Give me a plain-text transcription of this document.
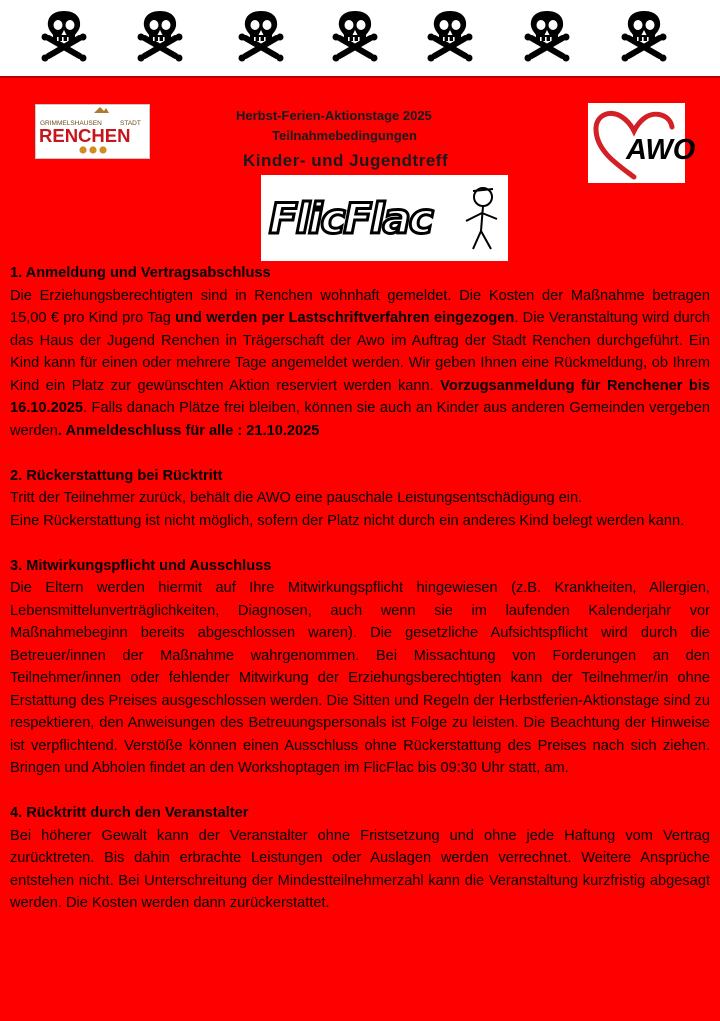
GRIMMELSHAUSEN	STADT
RENCHEN
Herbst-Ferien-Aktionstage 2025
Teilnahmebedingungen
Kinder- und Jugendtreff	AWO
FlicFlac
1. Anmeldung und Vertragsabschluss

Die Erziehungsberechtigten sind in Renchen wohnhaft gemeldet. Die Kosten der Maßnahme betragen 15,00 € pro Kind pro Tag und werden per Lastschriftverfahren eingezogen. Die Veranstaltung wird durch das Haus der Jugend Renchen in Trägerschaft der Awo im Auftrag der Stadt Renchen durchgeführt. Ein Kind kann für einen oder mehrere Tage angemeldet werden. Wir geben Ihnen eine Rückmeldung, ob Ihrem Kind ein Platz zur gewünschten Aktion reserviert werden kann. Vorzugsanmeldung für Renchener bis 16.10.2025. Falls danach Plätze frei bleiben, können sie auch an Kinder aus anderen Gemeinden vergeben werden. Anmeldeschluss für alle : 21.10.2025

2. Rückerstattung bei Rücktritt

Tritt der Teilnehmer zurück, behält die AWO eine pauschale Leistungsentschädigung ein.

Eine Rückerstattung ist nicht möglich, sofern der Platz nicht durch ein anderes Kind belegt werden kann.

3. Mitwirkungspflicht und Ausschluss

Die Eltern werden hiermit auf Ihre Mitwirkungspflicht hingewiesen (z.B. Krankheiten, Allergien, Lebensmittelunverträglichkeiten, Diagnosen, auch wenn sie im laufenden Kalenderjahr vor Maßnahmebeginn bereits abgeschlossen waren). Die gesetzliche Aufsichtspflicht wird durch die Betreuer/innen der Maßnahme wahrgenommen. Bei Missachtung von Forderungen an den Teilnehmer/innen oder fehlender Mitwirkung der Erziehungsberechtigten kann der Teilnehmer/in ohne Erstattung des Preises ausgeschlossen werden. Die Sitten und Regeln der Herbstferien-Aktionstage sind zu respektieren, den Anweisungen des Betreuungspersonals ist Folge zu leisten. Die Beachtung der Hinweise ist verpflichtend. Verstöße können einen Ausschluss ohne Rückerstattung des Preises nach sich ziehen. Bringen und Abholen findet an den Workshoptagen im FlicFlac bis 09:30 Uhr statt, am.

4. Rücktritt durch den Veranstalter

Bei höherer Gewalt kann der Veranstalter ohne Fristsetzung und ohne jede Haftung vom Vertrag zurücktreten. Bis dahin erbrachte Leistungen oder Auslagen werden verrechnet. Weitere Ansprüche entstehen nicht. Bei Unterschreitung der Mindestteilnehmerzahl kann die Veranstaltung kurzfristig abgesagt werden. Die Kosten werden dann zurückerstattet.
